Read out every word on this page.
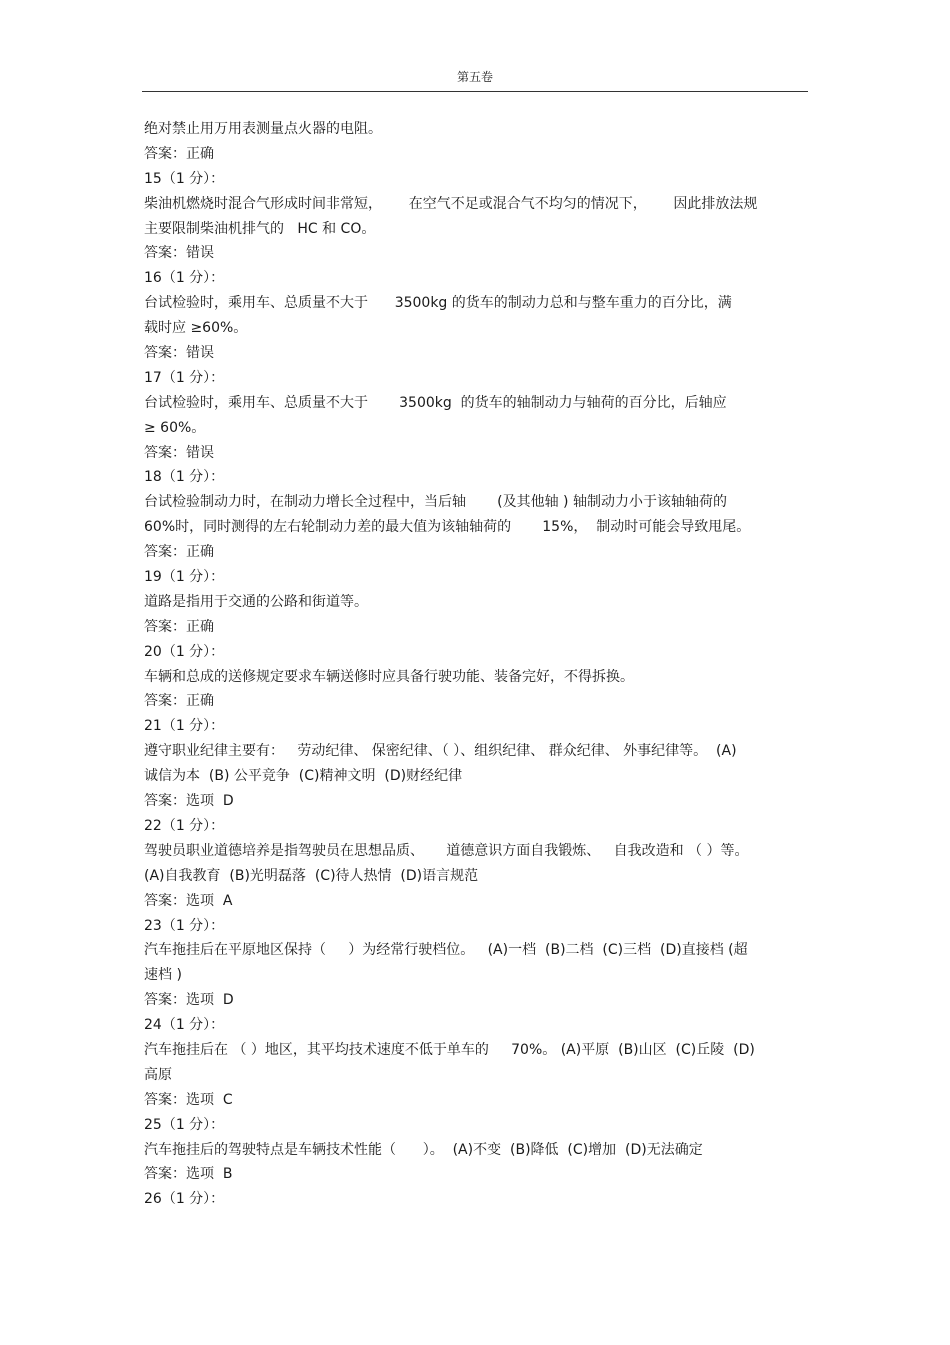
第五卷
绝对禁止用万用表测量点火器的电阻。
答案：正确
15（1 分）：
柴油机燃烧时混合气形成时间非常短，      在空气不足或混合气不均匀的情况下，      因此排放法规
主要限制柴油机排气的   HC 和 CO。
答案：错误
16（1 分）：
台试检验时，乘用车、总质量不大于      3500kg 的货车的制动力总和与整车重力的百分比，满
载时应 ≥60%。
答案：错误
17（1 分）：
台试检验时，乘用车、总质量不大于       3500kg  的货车的轴制动力与轴荷的百分比，后轴应
≥ 60%。
答案：错误
18（1 分）：
台试检验制动力时，在制动力增长全过程中，当后轴       (及其他轴 ) 轴制动力小于该轴轴荷的
60%时，同时测得的左右轮制动力差的最大值为该轴轴荷的       15%，  制动时可能会导致甩尾。
答案：正确
19（1 分）：
道路是指用于交通的公路和街道等。
答案：正确
20（1 分）：
车辆和总成的送修规定要求车辆送修时应具备行驶功能、装备完好，不得拆换。
答案：正确
21（1 分）：
遵守职业纪律主要有：   劳动纪律、 保密纪律、（ ）、组织纪律、 群众纪律、 外事纪律等。  (A)
诚信为本  (B) 公平竞争  (C)精神文明  (D)财经纪律
答案：选项  D
22（1 分）：
驾驶员职业道德培养是指驾驶员在思想品质、     道德意识方面自我锻炼、   自我改造和 （ ）等。
(A)自我教育  (B)光明磊落  (C)待人热情  (D)语言规范
答案：选项  A
23（1 分）：
汽车拖挂后在平原地区保持（     ）为经常行驶档位。   (A)一档  (B)二档  (C)三档  (D)直接档 (超
速档 )
答案：选项  D
24（1 分）：
汽车拖挂后在 （ ）地区，其平均技术速度不低于单车的     70%。 (A)平原  (B)山区  (C)丘陵  (D)
高原
答案：选项  C
25（1 分）：
汽车拖挂后的驾驶特点是车辆技术性能（      ）。  (A)不变  (B)降低  (C)增加  (D)无法确定
答案：选项  B
26（1 分）：
